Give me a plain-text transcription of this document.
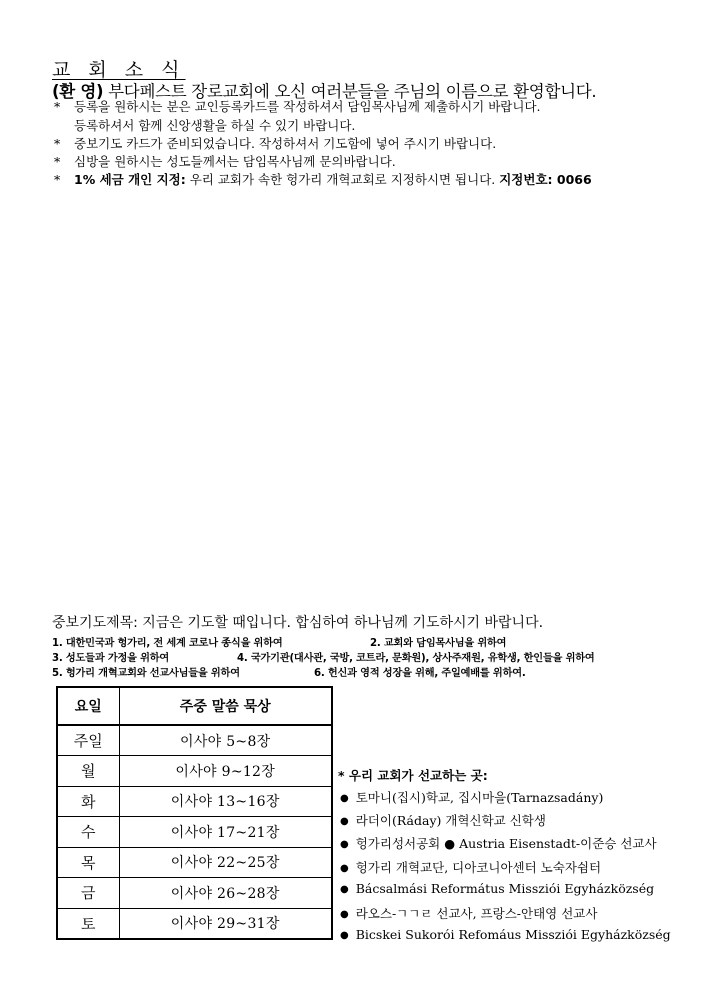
교 회 소 식
(환 영) 부다페스트 장로교회에 오신 여러분들을 주님의 이름으로 환영합니다.
* 등록을 원하시는 분은 교인등록카드를 작성하셔서 담임목사님께 제출하시기 바랍니다.
등록하셔서 함께 신앙생활을 하실 수 있기 바랍니다.
* 중보기도 카드가 준비되었습니다. 작성하셔서 기도함에 넣어 주시기 바랍니다.
* 심방을 원하시는 성도들께서는 담임목사님께 문의바랍니다.
* 1% 세금 개인 지정: 우리 교회가 속한 헝가리 개혁교회로 지정하시면 됩니다. 지정번호: 0066
중보기도제목: 지금은 기도할 때입니다. 합심하여 하나님께 기도하시기 바랍니다.
1. 대한민국과 헝가리, 전 세계 코로나 종식을 위하여	2. 교회와 담임목사님을 위하여
3. 성도들과 가정을 위하여	4. 국가기관(대사관, 국방, 코트라, 문화원), 상사주재원, 유학생, 한인들을 위하여
5. 헝가리 개혁교회와 선교사님들을 위하여	6. 헌신과 영적 성장을 위해, 주일예배를 위하여.
요일	주중 말씀 묵상
주일	이사야 5~8장
월	이사야 9~12장
화	이사야 13~16장
수	이사야 17~21장
목	이사야 22~25장
금	이사야 26~28장
토	이사야 29~31장
* 우리 교회가 선교하는 곳:
● 토마니(집시)학교, 집시마을(Tarnazsadány)
● 라더이(Ráday) 개혁신학교 신학생
● 헝가리성서공회 ● Austria Eisenstadt-이준승 선교사
● 헝가리 개혁교단, 디아코니아센터 노숙자쉼터
● Bácsalmási Református Missziói Egyházközség
● 라오스-ㄱㄱㄹ 선교사, 프랑스-안태영 선교사
● Bicskei Sukorói Refomáus Missziói Egyházközség
